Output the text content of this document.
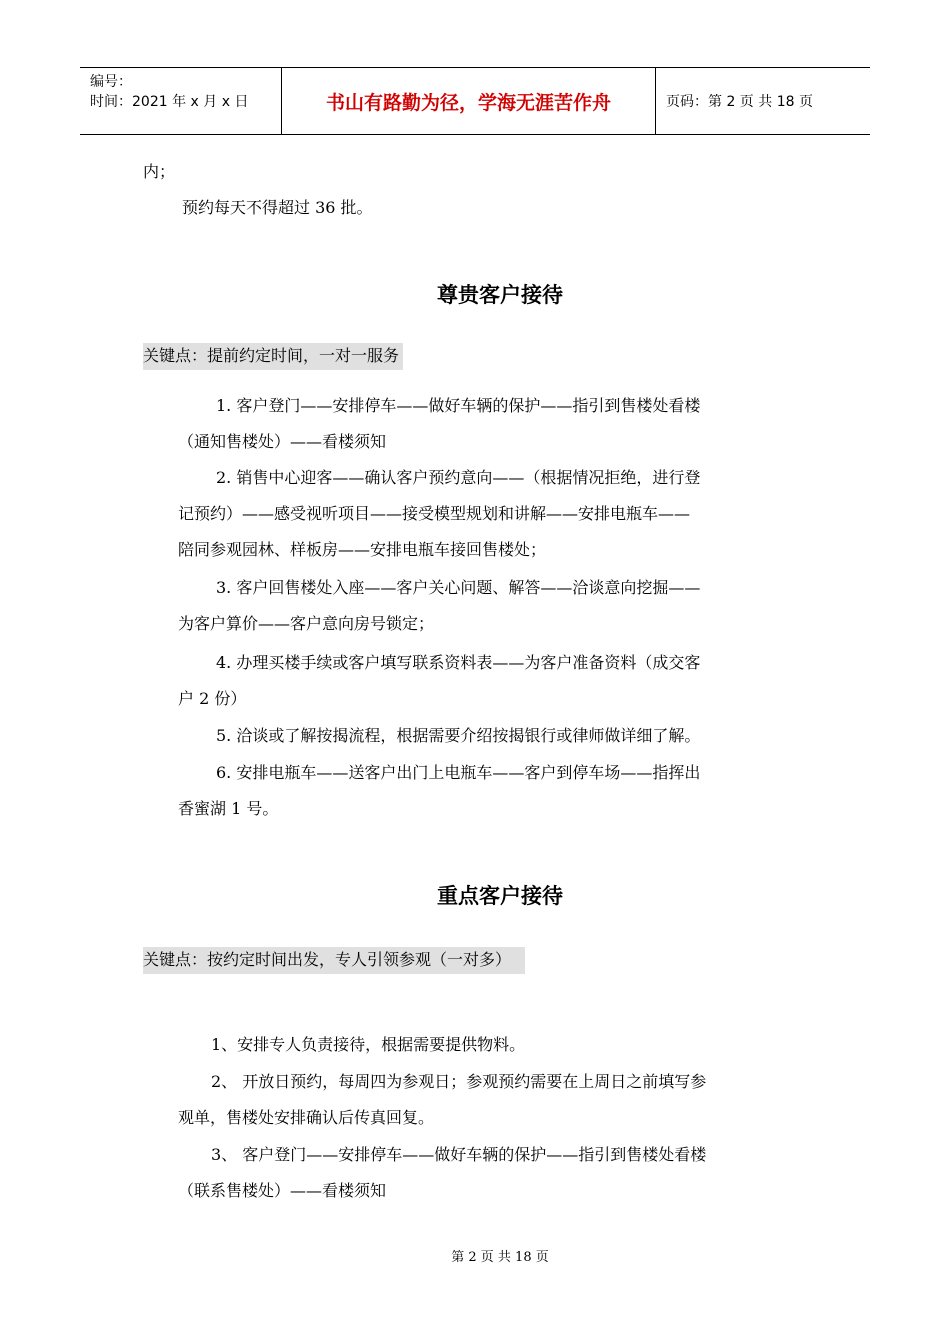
编号：
时间：2021 年 x 月 x 日	书山有路勤为径，学海无涯苦作舟	页码：第 2 页 共 18 页
内；
预约每天不得超过 36 批。
尊贵客户接待
关键点：提前约定时间，一对一服务
1. 客户登门——安排停车——做好车辆的保护——指引到售楼处看楼
（通知售楼处）——看楼须知
2. 销售中心迎客——确认客户预约意向——（根据情况拒绝，进行登
记预约）——感受视听项目——接受模型规划和讲解——安排电瓶车——
陪同参观园林、样板房——安排电瓶车接回售楼处；
3. 客户回售楼处入座——客户关心问题、解答——洽谈意向挖掘——
为客户算价——客户意向房号锁定；
4. 办理买楼手续或客户填写联系资料表——为客户准备资料（成交客
户 2 份）
5. 洽谈或了解按揭流程，根据需要介绍按揭银行或律师做详细了解。
6. 安排电瓶车——送客户出门上电瓶车——客户到停车场——指挥出
香蜜湖 1 号。
重点客户接待
关键点：按约定时间出发，专人引领参观（一对多）
1、安排专人负责接待，根据需要提供物料。
2、 开放日预约，每周四为参观日；参观预约需要在上周日之前填写参
观单，售楼处安排确认后传真回复。
3、 客户登门——安排停车——做好车辆的保护——指引到售楼处看楼
（联系售楼处）——看楼须知
第 2 页 共 18 页
